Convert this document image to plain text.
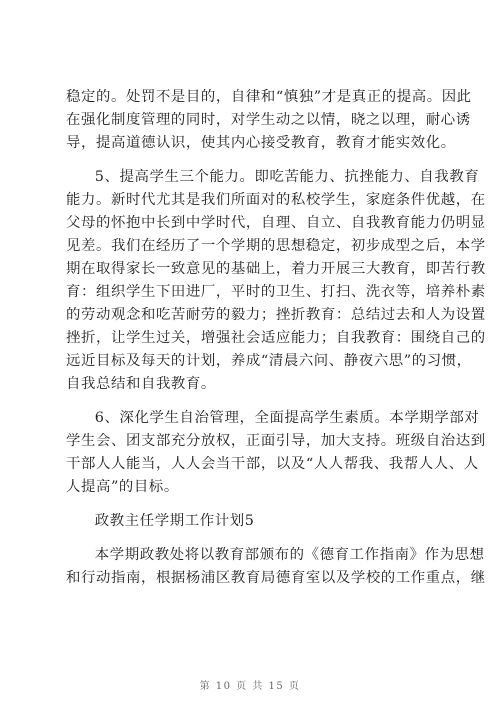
稳定的。处罚不是目的，自律和“慎独”才是真正的提高。因此
在强化制度管理的同时，对学生动之以情，晓之以理，耐心诱
导，提高道德认识，使其内心接受教育，教育才能实效化。
5、提高学生三个能力。即吃苦能力、抗挫能力、自我教育
能力。新时代尤其是我们所面对的私校学生，家庭条件优越，在
父母的怀抱中长到中学时代，自理、自立、自我教育能力仍明显
见差。我们在经历了一个学期的思想稳定，初步成型之后，本学
期在取得家长一致意见的基础上，着力开展三大教育，即苦行教
育：组织学生下田进厂，平时的卫生、打扫、洗衣等，培养朴素
的劳动观念和吃苦耐劳的毅力；挫折教育：总结过去和人为设置
挫折，让学生过关，增强社会适应能力；自我教育：围绕自己的
远近目标及每天的计划，养成“清晨六问、静夜六思”的习惯，
自我总结和自我教育。
6、深化学生自治管理，全面提高学生素质。本学期学部对
学生会、团支部充分放权，正面引导，加大支持。班级自治达到
干部人人能当，人人会当干部，以及“人人帮我、我帮人人、人
人提高”的目标。
政教主任学期工作计划5
本学期政教处将以教育部颁布的《德育工作指南》作为思想
和行动指南，根据杨浦区教育局德育室以及学校的工作重点，继
第 10 页 共 15 页
